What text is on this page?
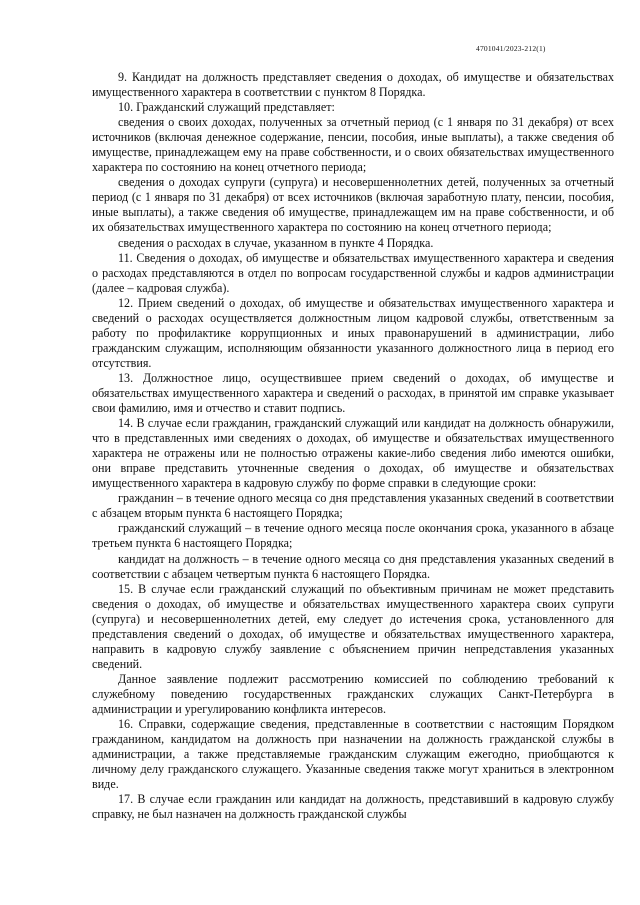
4701041/2023-212(1)

9. Кандидат на должность представляет сведения о доходах, об имуществе и обязательствах имущественного характера в соответствии с пунктом 8 Порядка.

10. Гражданский служащий представляет:

сведения о своих доходах, полученных за отчетный период (с 1 января по 31 декабря) от всех источников (включая денежное содержание, пенсии, пособия, иные выплаты), а также сведения об имуществе, принадлежащем ему на праве собственности, и о своих обязательствах имущественного характера по состоянию на конец отчетного периода;

сведения о доходах супруги (супруга) и несовершеннолетних детей, полученных за отчетный период (с 1 января по 31 декабря) от всех источников (включая заработную плату, пенсии, пособия, иные выплаты), а также сведения об имуществе, принадлежащем им на праве собственности, и об их обязательствах имущественного характера по состоянию на конец отчетного периода;

сведения о расходах в случае, указанном в пункте 4 Порядка.

11. Сведения о доходах, об имуществе и обязательствах имущественного характера и сведения о расходах представляются в отдел по вопросам государственной службы и кадров администрации (далее – кадровая служба).

12. Прием сведений о доходах, об имуществе и обязательствах имущественного характера и сведений о расходах осуществляется должностным лицом кадровой службы, ответственным за работу по профилактике коррупционных и иных правонарушений в администрации, либо гражданским служащим, исполняющим обязанности указанного должностного лица в период его отсутствия.

13. Должностное лицо, осуществившее прием сведений о доходах, об имуществе и обязательствах имущественного характера и сведений о расходах, в принятой им справке указывает свои фамилию, имя и отчество и ставит подпись.

14. В случае если гражданин, гражданский служащий или кандидат на должность обнаружили, что в представленных ими сведениях о доходах, об имуществе и обязательствах имущественного характера не отражены или не полностью отражены какие-либо сведения либо имеются ошибки, они вправе представить уточненные сведения о доходах, об имуществе и обязательствах имущественного характера в кадровую службу по форме справки в следующие сроки:

гражданин – в течение одного месяца со дня представления указанных сведений в соответствии с абзацем вторым пункта 6 настоящего Порядка;

гражданский служащий – в течение одного месяца после окончания срока, указанного в абзаце третьем пункта 6 настоящего Порядка;

кандидат на должность – в течение одного месяца со дня представления указанных сведений в соответствии с абзацем четвертым пункта 6 настоящего Порядка.

15. В случае если гражданский служащий по объективным причинам не может представить сведения о доходах, об имуществе и обязательствах имущественного характера своих супруги (супруга) и несовершеннолетних детей, ему следует до истечения срока, установленного для представления сведений о доходах, об имуществе и обязательствах имущественного характера, направить в кадровую службу заявление с объяснением причин непредставления указанных сведений.

Данное заявление подлежит рассмотрению комиссией по соблюдению требований к служебному поведению государственных гражданских служащих Санкт-Петербурга в администрации и урегулированию конфликта интересов.

16. Справки, содержащие сведения, представленные в соответствии с настоящим Порядком гражданином, кандидатом на должность при назначении на должность гражданской службы в администрации, а также представляемые гражданским служащим ежегодно, приобщаются к личному делу гражданского служащего. Указанные сведения также могут храниться в электронном виде.

17. В случае если гражданин или кандидат на должность, представивший в кадровую службу справку, не был назначен на должность гражданской службы
